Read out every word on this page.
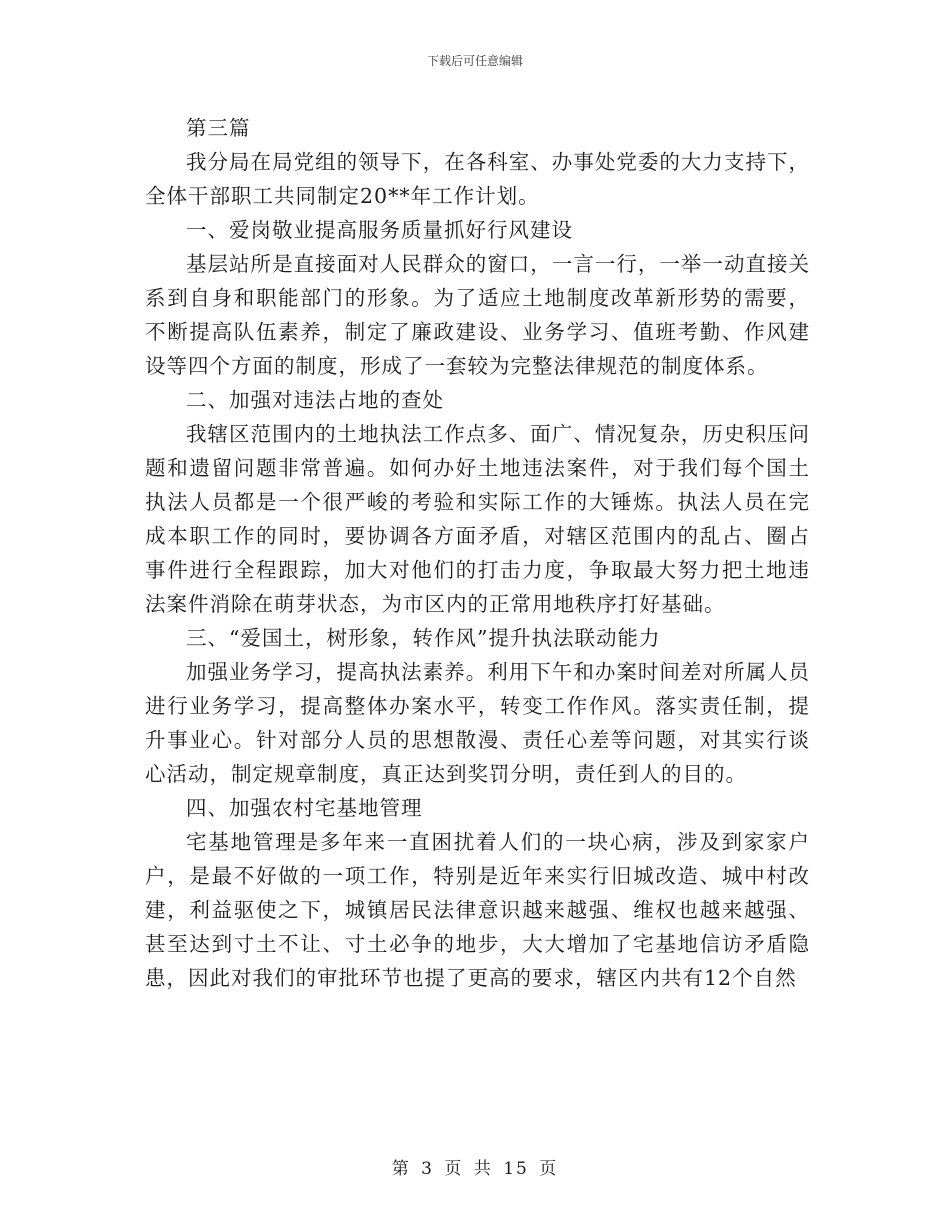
下载后可任意编辑

第三篇

我分局在局党组的领导下，在各科室、办事处党委的大力支持下，全体干部职工共同制定20**年工作计划。

一、爱岗敬业提高服务质量抓好行风建设

基层站所是直接面对人民群众的窗口，一言一行，一举一动直接关系到自身和职能部门的形象。为了适应土地制度改革新形势的需要，不断提高队伍素养，制定了廉政建设、业务学习、值班考勤、作风建设等四个方面的制度，形成了一套较为完整法律规范的制度体系。

二、加强对违法占地的查处

我辖区范围内的土地执法工作点多、面广、情况复杂，历史积压问题和遗留问题非常普遍。如何办好土地违法案件，对于我们每个国土执法人员都是一个很严峻的考验和实际工作的大锤炼。执法人员在完成本职工作的同时，要协调各方面矛盾，对辖区范围内的乱占、圈占事件进行全程跟踪，加大对他们的打击力度，争取最大努力把土地违法案件消除在萌芽状态，为市区内的正常用地秩序打好基础。

三、“爱国土，树形象，转作风”提升执法联动能力

加强业务学习，提高执法素养。利用下午和办案时间差对所属人员进行业务学习，提高整体办案水平，转变工作作风。落实责任制，提升事业心。针对部分人员的思想散漫、责任心差等问题，对其实行谈心活动，制定规章制度，真正达到奖罚分明，责任到人的目的。

四、加强农村宅基地管理

宅基地管理是多年来一直困扰着人们的一块心病，涉及到家家户户，是最不好做的一项工作，特别是近年来实行旧城改造、城中村改建，利益驱使之下，城镇居民法律意识越来越强、维权也越来越强、甚至达到寸土不让、寸土必争的地步，大大增加了宅基地信访矛盾隐患，因此对我们的审批环节也提了更高的要求，辖区内共有12个自然

第 3 页 共 15 页
